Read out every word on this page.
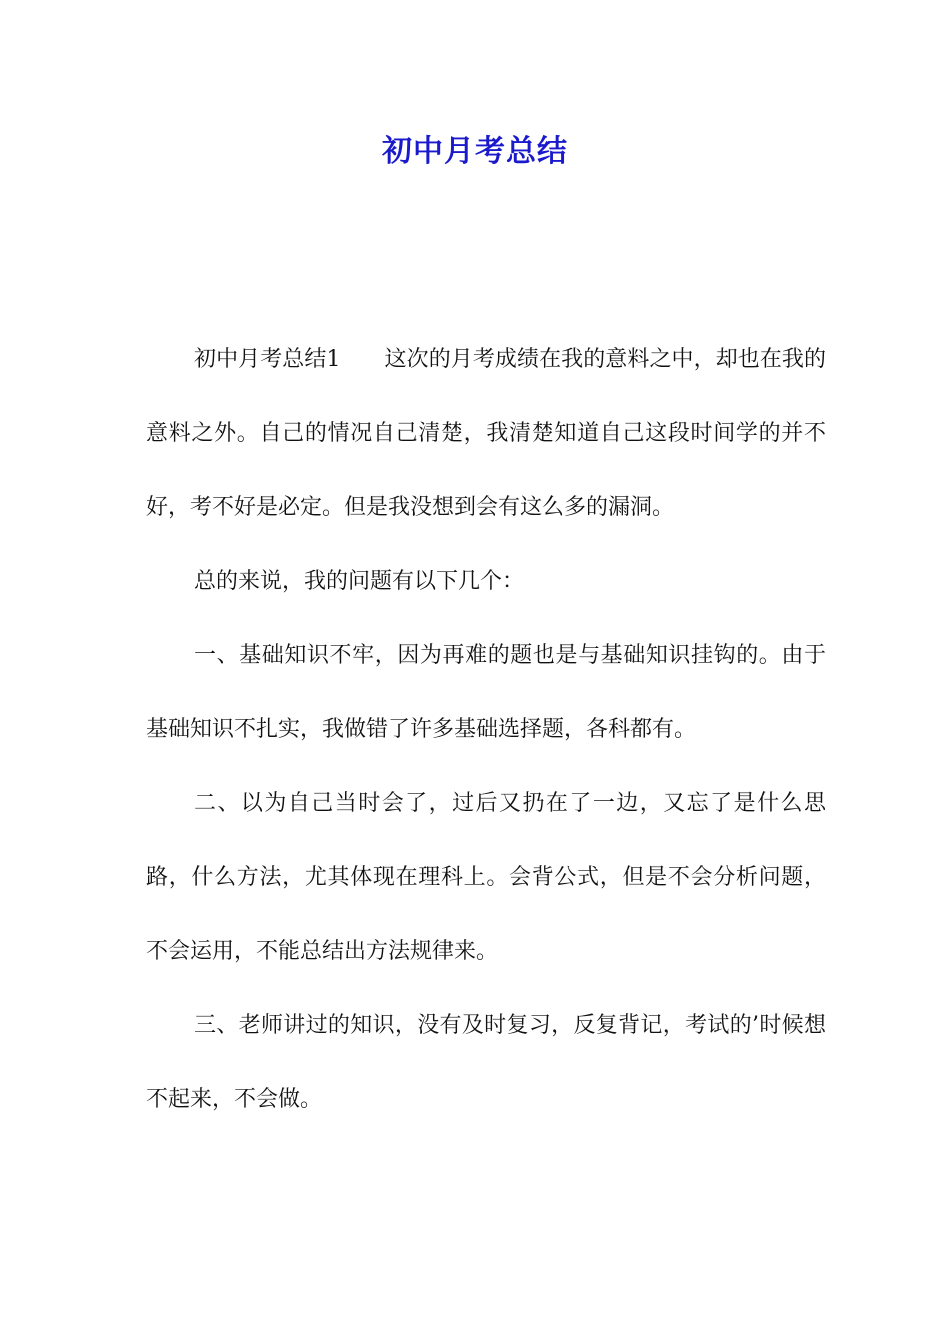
初中月考总结

初中月考总结1 这次的月考成绩在我的意料之中，却也在我的意料之外。自己的情况自己清楚，我清楚知道自己这段时间学的并不好，考不好是必定。但是我没想到会有这么多的漏洞。

总的来说，我的问题有以下几个：

一、基础知识不牢，因为再难的题也是与基础知识挂钩的。由于基础知识不扎实，我做错了许多基础选择题，各科都有。

二、以为自己当时会了，过后又扔在了一边，又忘了是什么思路，什么方法，尤其体现在理科上。会背公式，但是不会分析问题，不会运用，不能总结出方法规律来。

三、老师讲过的知识，没有及时复习，反复背记，考试的’时候想不起来，不会做。
